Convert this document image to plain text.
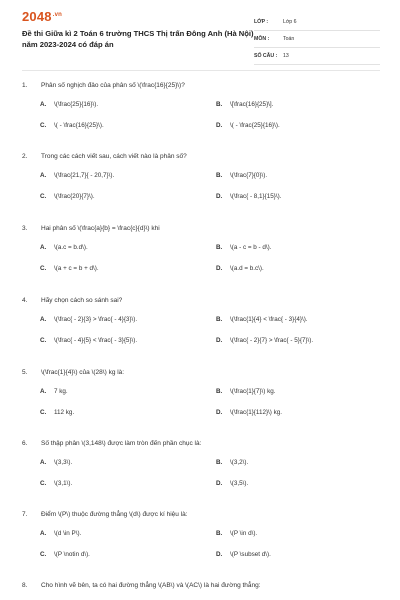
$2048^{.vn}$
Đề thi Giữa kì 2 Toán 6 trường THCS Thị trấn Đông Anh (Hà Nội) năm 2023-2024 có đáp án
LỚP :	Lớp 6
MÔN :	Toán
SỐ CÂU :	13
1.	Phân số nghịch đảo của phân số \(\frac{16}{25}\)?
A.	\(\frac{25}{16}\).	B.	\[\frac{16}{25}\].
C.	\( - \frac{16}{25}\).	D.	\( - \frac{25}{16}\).
2.	Trong các cách viết sau, cách viết nào là phân số?
A.	\(\frac{21,7}{ - 20,7}\).	B.	\(\frac{7}{0}\).
C.	\(\frac{20}{7}\).	D.	\(\frac{ - 8,1}{15}\).
3.	Hai phân số \(\frac{a}{b} = \frac{c}{d}\) khi
A.	\(a.c = b.d\).	B.	\(a - c = b - d\).
C.	\(a + c = b + d\).	D.	\(a.d = b.c\).
4.	Hãy chọn cách so sánh sai?
A.	\(\frac{ - 2}{3} > \frac{ - 4}{3}\).	B.	\(\frac{1}{4} < \frac{ - 3}{4}\).
C.	\(\frac{ - 4}{5} < \frac{ - 3}{5}\).	D.	\(\frac{ - 2}{7} > \frac{ - 5}{7}\).
5.	\(\frac{1}{4}\) của \(28\) kg là:
A.	7 kg.	B.	\(\frac{1}{7}\) kg.
C.	112 kg.	D.	\(\frac{1}{112}\) kg.
6.	Số thập phân \(3,148\) được làm tròn đến phần chục là:
A.	\(3,3\).	B.	\(3,2\).
C.	\(3,1\).	D.	\(3,5\).
7.	Điểm \(P\) thuộc đường thẳng \(d\) được kí hiệu là:
A.	\(d \in P\).	B.	\(P \in d\).
C.	\(P \notin d\).	D.	\(P \subset d\).
8.	Cho hình vẽ bên, ta có hai đường thẳng \(AB\) và \(AC\) là hai đường thẳng:
